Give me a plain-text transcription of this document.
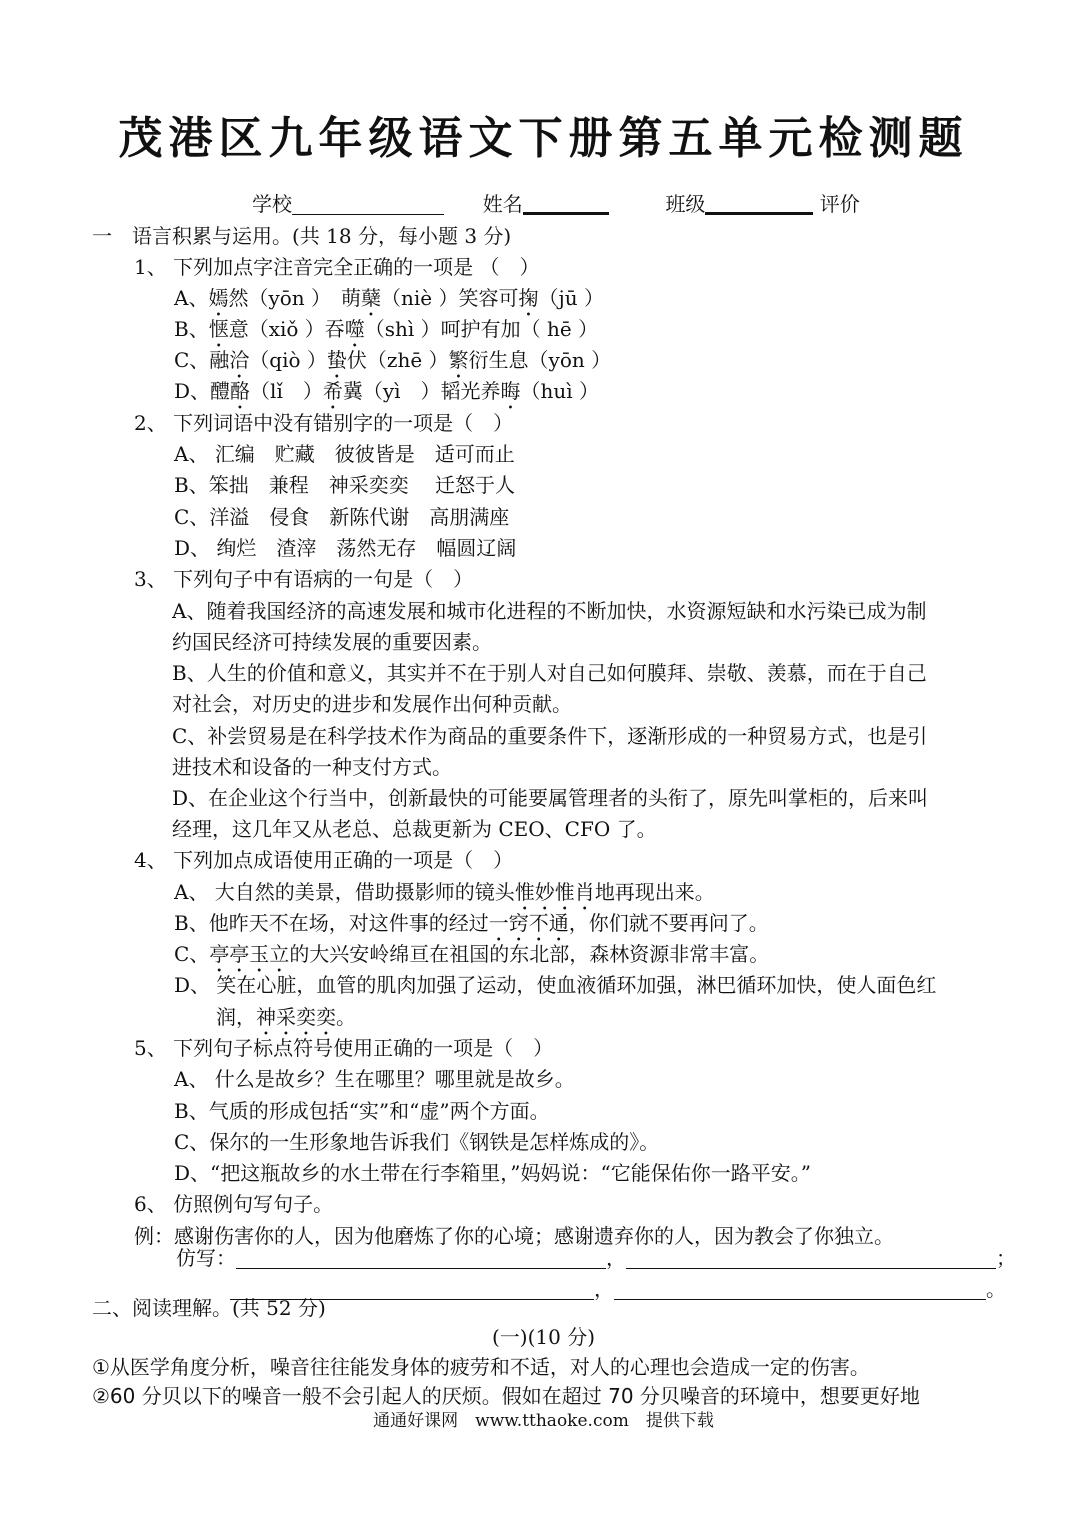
茂港区九年级语文下册第五单元检测题
学校	姓名	班级	评价
一　语言积累与运用。(共 18 分，每小题 3 分)
1、 下列加点字注音完全正确的一项是 （　）
A、嫣然（yōn ）　萌蘖（niè ）笑容可掬（jū ）
B、惬意（xiǒ ）吞噬（shì ）呵护有加（ hē ）
C、融洽（qiò ）蛰伏（zhē ）繁衍生息（yōn ）
D、醴酪（lǐ　）希冀（yì　）韬光养晦（huì ）
2、 下列词语中没有错别字的一项是（　）
A、 汇编　贮藏　彼彼皆是　适可而止
B、笨拙　兼程　神采奕奕　 迁怒于人
C、洋溢　侵食　新陈代谢　高朋满座
D、 绚烂　渣滓　荡然无存　幅圆辽阔
3、 下列句子中有语病的一句是（　）
A、随着我国经济的高速发展和城市化进程的不断加快，水资源短缺和水污染已成为制
约国民经济可持续发展的重要因素。
B、人生的价值和意义，其实并不在于别人对自己如何膜拜、崇敬、羡慕，而在于自己
对社会，对历史的进步和发展作出何种贡献。
C、补尝贸易是在科学技术作为商品的重要条件下，逐渐形成的一种贸易方式，也是引
进技术和设备的一种支付方式。
D、在企业这个行当中，创新最快的可能要属管理者的头衔了，原先叫掌柜的，后来叫
经理，这几年又从老总、总裁更新为 CEO、CFO 了。
4、 下列加点成语使用正确的一项是（　）
A、 大自然的美景，借助摄影师的镜头惟妙惟肖地再现出来。
B、他昨天不在场，对这件事的经过一窍不通，你们就不要再问了。
C、亭亭玉立的大兴安岭绵亘在祖国的东北部，森林资源非常丰富。
D、 笑在心脏，血管的肌肉加强了运动，使血液循环加强，淋巴循环加快，使人面色红
润，神采奕奕。
5、 下列句子标点符号使用正确的一项是（　）
A、 什么是故乡？生在哪里？哪里就是故乡。
B、气质的形成包括“实”和“虚”两个方面。
C、保尔的一生形象地告诉我们《钢铁是怎样炼成的》。
D、“把这瓶故乡的水土带在行李箱里，”妈妈说：“它能保佑你一路平安。”
6、 仿照例句写句子。
例：感谢伤害你的人，因为他磨炼了你的心境；感谢遗弃你的人，因为教会了你独立。
仿写：	，	；
，	。
二、阅读理解。(共 52 分)
(一)(10 分)
①从医学角度分析，噪音往往能发身体的疲劳和不适，对人的心理也会造成一定的伤害。
②60 分贝以下的噪音一般不会引起人的厌烦。假如在超过 70 分贝噪音的环境中，想要更好地
通通好课网　www.tthaoke.com　提供下载
